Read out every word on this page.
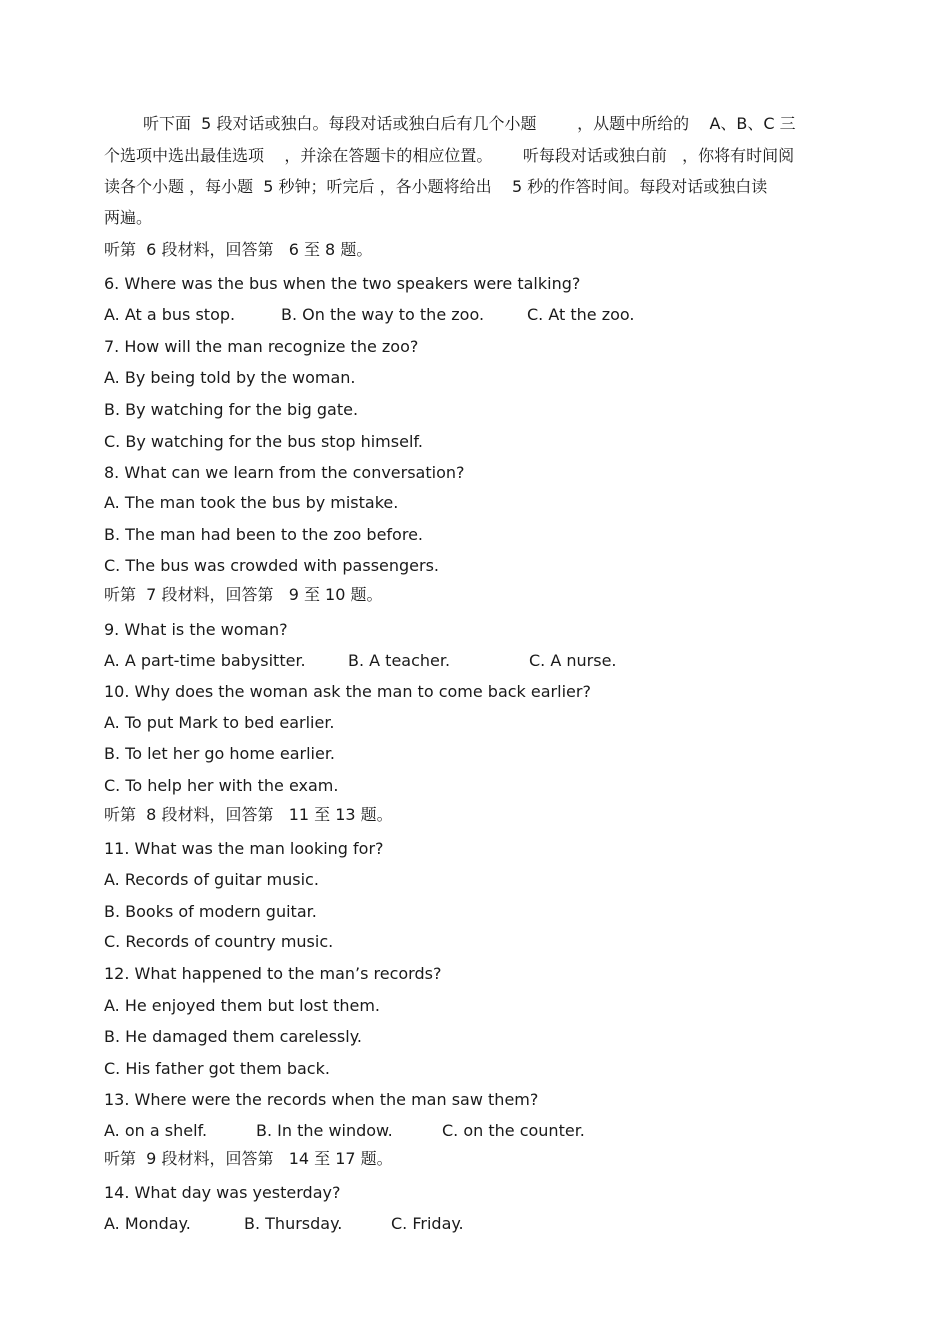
听下面  5 段对话或独白。每段对话或独白后有几个小题        ，从题中所给的    A、B、C 三
个选项中选出最佳选项    ，并涂在答题卡的相应位置。      听每段对话或独白前   ，你将有时间阅
读各个小题 ，每小题  5 秒钟；听完后 ，各小题将给出    5 秒的作答时间。每段对话或独白读
两遍。
听第  6 段材料，回答第   6 至 8 题。
6. Where was the bus when the two speakers were talking?
A. At a bus stop.	B. On the way to the zoo.	C. At the zoo.
7. How will the man recognize the zoo?
A. By being told by the woman.
B. By watching for the big gate.
C. By watching for the bus stop himself.
8. What can we learn from the conversation?
A. The man took the bus by mistake.
B. The man had been to the zoo before.
C. The bus was crowded with passengers.
听第  7 段材料，回答第   9 至 10 题。
9. What is the woman?
A. A part-time babysitter.	B. A teacher.	C. A nurse.
10. Why does the woman ask the man to come back earlier?
A. To put Mark to bed earlier.
B. To let her go home earlier.
C. To help her with the exam.
听第  8 段材料，回答第   11 至 13 题。
11. What was the man looking for?
A. Records of guitar music.
B. Books of modern guitar.
C. Records of country music.
12. What happened to the man’s records?
A. He enjoyed them but lost them.
B. He damaged them carelessly.
C. His father got them back.
13. Where were the records when the man saw them?
A. on a shelf.	B. In the window.	C. on the counter.
听第  9 段材料，回答第   14 至 17 题。
14. What day was yesterday?
A. Monday.	B. Thursday.	C. Friday.
